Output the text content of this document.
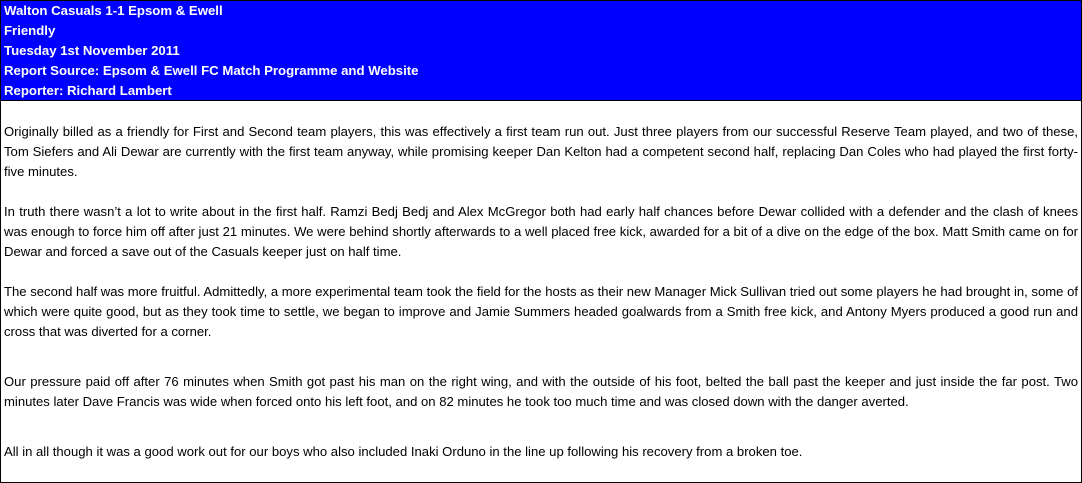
Walton Casuals 1-1 Epsom & Ewell
Friendly
Tuesday 1st November 2011
Report Source: Epsom & Ewell FC Match Programme and Website
Reporter: Richard Lambert

Originally billed as a friendly for First and Second team players, this was effectively a first team run out. Just three players from our successful Reserve Team played, and two of these, Tom Siefers and Ali Dewar are currently with the first team anyway, while promising keeper Dan Kelton had a competent second half, replacing Dan Coles who had played the first forty-five minutes.

In truth there wasn’t a lot to write about in the first half. Ramzi Bedj Bedj and Alex McGregor both had early half chances before Dewar collided with a defender and the clash of knees was enough to force him off after just 21 minutes. We were behind shortly afterwards to a well placed free kick, awarded for a bit of a dive on the edge of the box. Matt Smith came on for Dewar and forced a save out of the Casuals keeper just on half time.

The second half was more fruitful. Admittedly, a more experimental team took the field for the hosts as their new Manager Mick Sullivan tried out some players he had brought in, some of which were quite good, but as they took time to settle, we began to improve and Jamie Summers headed goalwards from a Smith free kick, and Antony Myers produced a good run and cross that was diverted for a corner.

Our pressure paid off after 76 minutes when Smith got past his man on the right wing, and with the outside of his foot, belted the ball past the keeper and just inside the far post. Two minutes later Dave Francis was wide when forced onto his left foot, and on 82 minutes he took too much time and was closed down with the danger averted.

All in all though it was a good work out for our boys who also included Inaki Orduno in the line up following his recovery from a broken toe.
